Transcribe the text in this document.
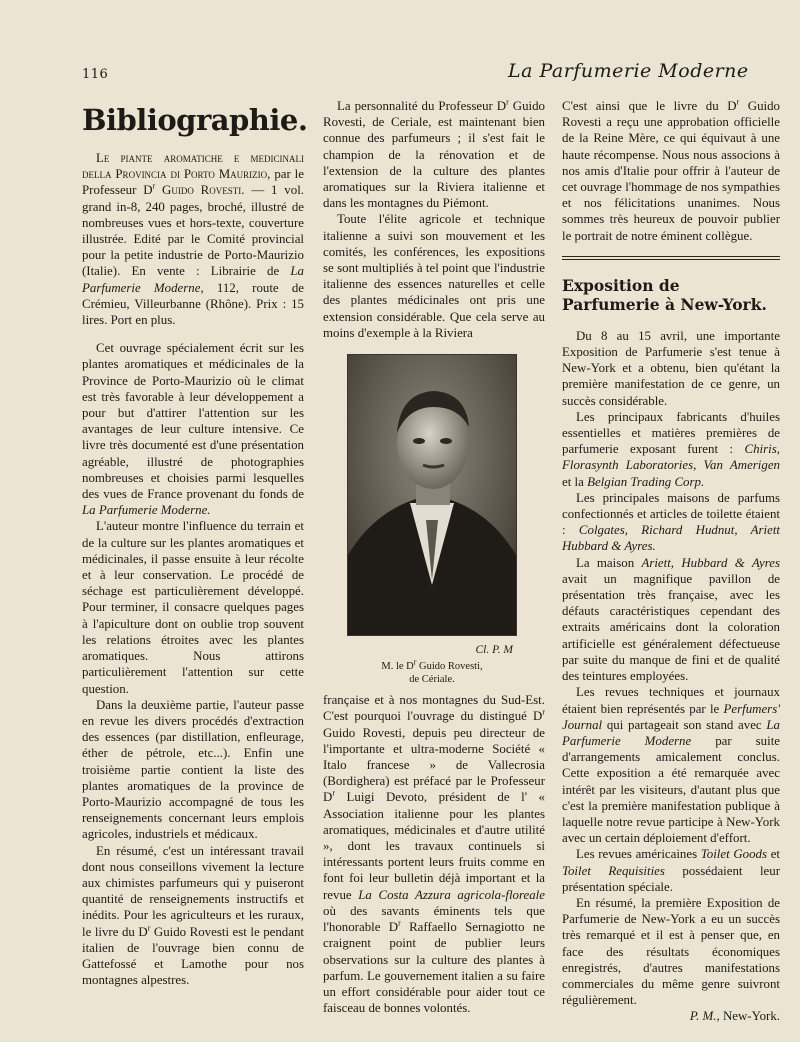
116	La Parfumerie Moderne
Bibliographie.

Le piante aromatiche e medicinali della Provincia di Porto Maurizio, par le Professeur $D^r$ Guido Rovesti. — 1 vol. grand in-8, 240 pages, broché, illustré de nombreuses vues et hors-texte, couverture illustrée. Edité par le Comité provincial pour la petite industrie de Porto-Maurizio (Italie). En vente : Librairie de La Parfumerie Moderne, 112, route de Crémieu, Villeurbanne (Rhône). Prix : 15 lires. Port en plus.

Cet ouvrage spécialement écrit sur les plantes aromatiques et médicinales de la Province de Porto-Maurizio où le climat est très favorable à leur développement a pour but d'attirer l'attention sur les avantages de leur culture intensive. Ce livre très documenté est d'une présentation agréable, illustré de photographies nombreuses et choisies parmi lesquelles des vues de France provenant du fonds de La Parfumerie Moderne.

L'auteur montre l'influence du terrain et de la culture sur les plantes aromatiques et médicinales, il passe ensuite à leur récolte et à leur conservation. Le procédé de séchage est particulièrement développé. Pour terminer, il consacre quelques pages à l'apiculture dont on oublie trop souvent les relations étroites avec les plantes aromatiques. Nous attirons particulièrement l'attention sur cette question.

Dans la deuxième partie, l'auteur passe en revue les divers procédés d'extraction des essences (par distillation, enfleurage, éther de pétrole, etc...). Enfin une troisième partie contient la liste des plantes aromatiques de la province de Porto-Maurizio accompagné de tous les renseignements concernant leurs emplois agricoles, industriels et médicaux.

En résumé, c'est un intéressant travail dont nous conseillons vivement la lecture aux chimistes parfumeurs qui y puiseront quantité de renseignements instructifs et inédits. Pour les agriculteurs et les ruraux, le livre du $D^r$ Guido Rovesti est le pendant italien de l'ouvrage bien connu de Gattefossé et Lamothe pour nos montagnes alpestres.

La personnalité du Professeur $D^r$ Guido Rovesti, de Ceriale, est maintenant bien connue des parfumeurs ; il s'est fait le champion de la rénovation et de l'extension de la culture des plantes aromatiques sur la Riviera italienne et dans les montagnes du Piémont.

Toute l'élite agricole et technique italienne a suivi son mouvement et les comités, les conférences, les expositions se sont multipliés à tel point que l'industrie italienne des essences naturelles et celle des plantes médicinales ont pris une extension considérable. Que cela serve au moins d'exemple à la Riviera

Cl. P. M
M. le $D^r$ Guido Rovesti,
de Cériale.

française et à nos montagnes du Sud-Est. C'est pourquoi l'ouvrage du distingué $D^r$ Guido Rovesti, depuis peu directeur de l'importante et ultra-moderne Société « Italo francese » de Vallecrosia (Bordighera) est préfacé par le Professeur $D^r$ Luigi Devoto, président de l' « Association italienne pour les plantes aromatiques, médicinales et d'autre utilité », dont les travaux continuels si intéressants portent leurs fruits comme en font foi leur bulletin déjà important et la revue La Costa Azzura agricola-floreale où des savants éminents tels que l'honorable $D^r$ Raffaello Sernagiotto ne craignent point de publier leurs observations sur la culture des plantes à parfum. Le gouvernement italien a su faire un effort considérable pour aider tout ce faisceau de bonnes volontés.

C'est ainsi que le livre du $D^r$ Guido Rovesti a reçu une approbation officielle de la Reine Mère, ce qui équivaut à une haute récompense. Nous nous associons à nos amis d'Italie pour offrir à l'auteur de cet ouvrage l'hommage de nos sympathies et nos félicitations unanimes. Nous sommes très heureux de pouvoir publier le portrait de notre éminent collègue.

Exposition de Parfumerie à New-York.

Du 8 au 15 avril, une importante Exposition de Parfumerie s'est tenue à New-York et a obtenu, bien qu'étant la première manifestation de ce genre, un succès considérable.

Les principaux fabricants d'huiles essentielles et matières premières de parfumerie exposant furent : Chiris, Florasynth Laboratories, Van Amerigen et la Belgian Trading Corp.

Les principales maisons de parfums confectionnés et articles de toilette étaient : Colgates, Richard Hudnut, Ariett Hubbard & Ayres.

La maison Ariett, Hubbard & Ayres avait un magnifique pavillon de présentation très française, avec les défauts caractéristiques cependant des extraits américains dont la coloration artificielle est généralement défectueuse par suite du manque de fini et de qualité des teintures employées.

Les revues techniques et journaux étaient bien représentés par le Perfumers' Journal qui partageait son stand avec La Parfumerie Moderne par suite d'arrangements amicalement conclus. Cette exposition a été remarquée avec intérêt par les visiteurs, d'autant plus que c'est la première manifestation publique à laquelle notre revue participe à New-York avec un certain déploiement d'effort.

Les revues américaines Toilet Goods et Toilet Requisities possédaient leur présentation spéciale.

En résumé, la première Exposition de Parfumerie de New-York a eu un succès très remarqué et il est à penser que, en face des résultats économiques enregistrés, d'autres manifestations commerciales du même genre suivront régulièrement.

P. M., New-York.
